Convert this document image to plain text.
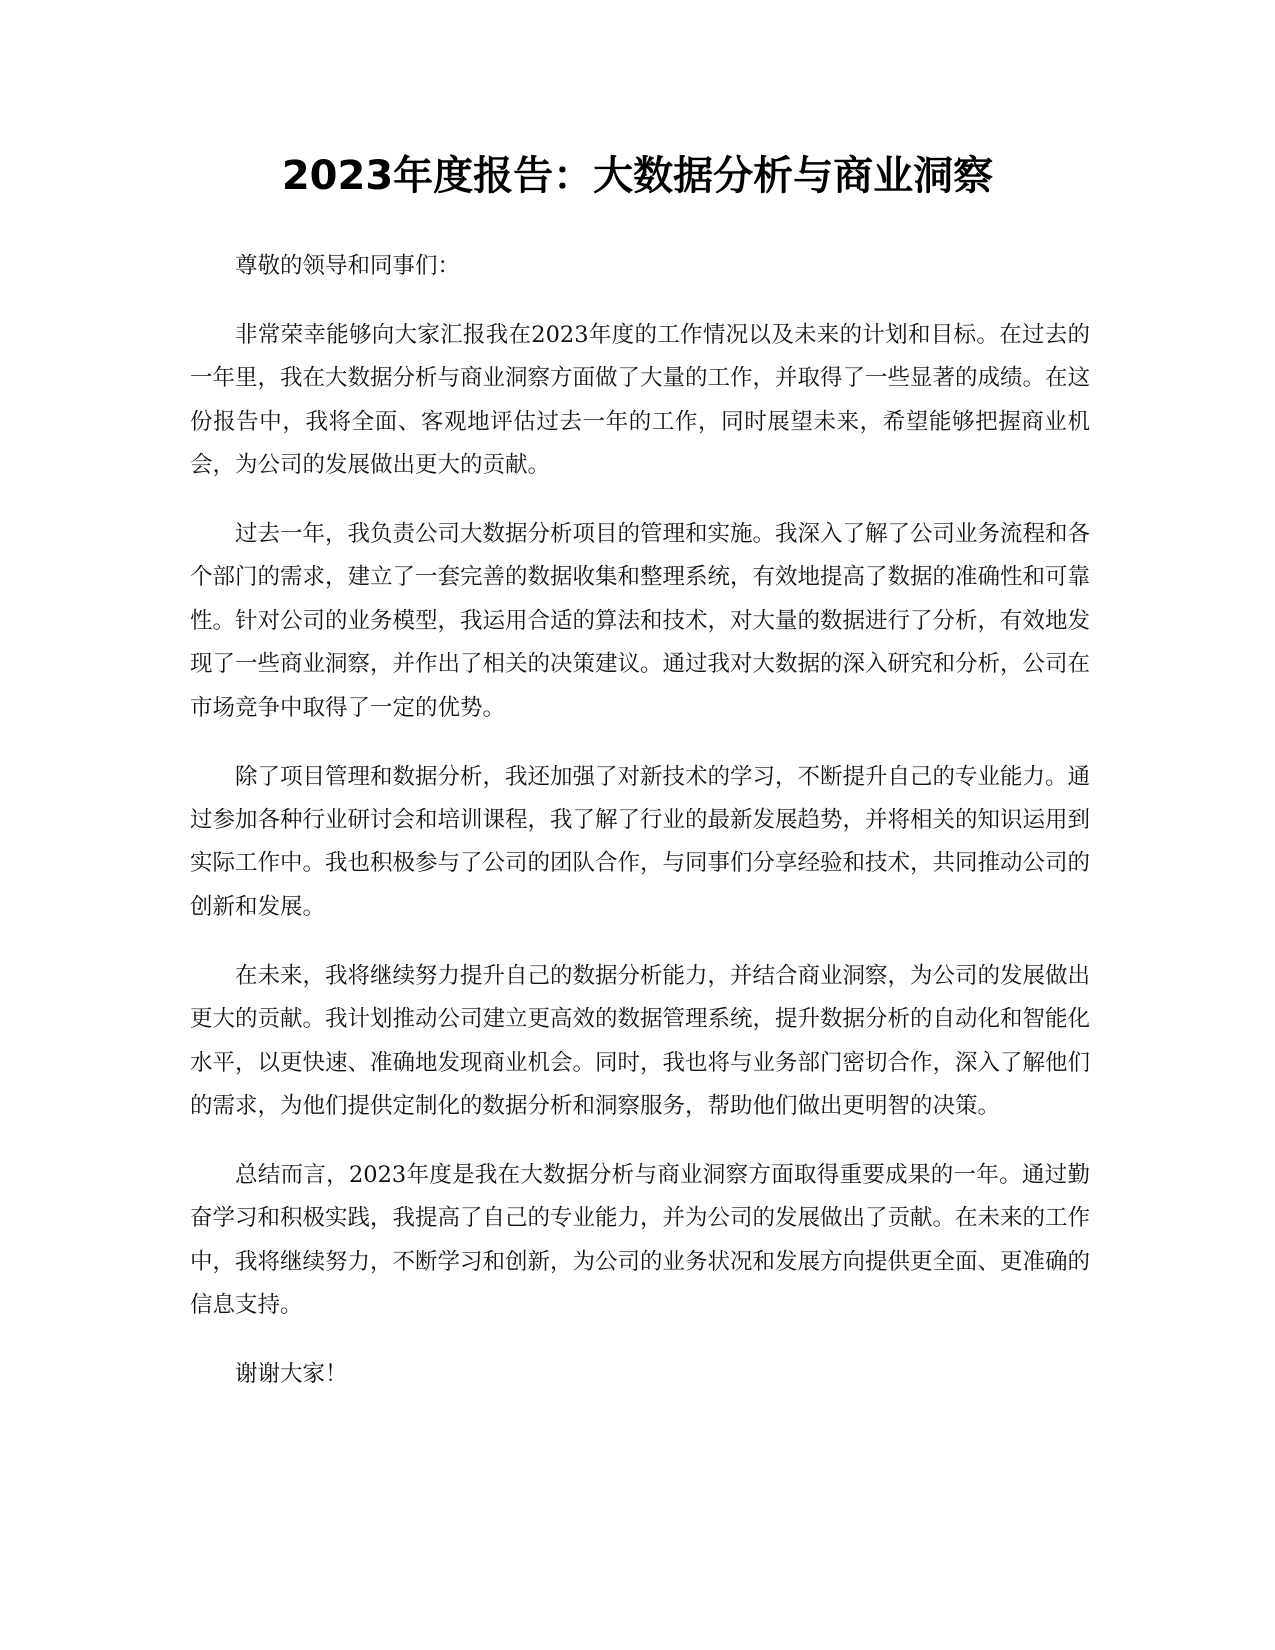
2023年度报告：大数据分析与商业洞察

尊敬的领导和同事们：

非常荣幸能够向大家汇报我在2023年度的工作情况以及未来的计划和目标。在过去的一年里，我在大数据分析与商业洞察方面做了大量的工作，并取得了一些显著的成绩。在这份报告中，我将全面、客观地评估过去一年的工作，同时展望未来，希望能够把握商业机会，为公司的发展做出更大的贡献。

过去一年，我负责公司大数据分析项目的管理和实施。我深入了解了公司业务流程和各个部门的需求，建立了一套完善的数据收集和整理系统，有效地提高了数据的准确性和可靠性。针对公司的业务模型，我运用合适的算法和技术，对大量的数据进行了分析，有效地发现了一些商业洞察，并作出了相关的决策建议。通过我对大数据的深入研究和分析，公司在市场竞争中取得了一定的优势。

除了项目管理和数据分析，我还加强了对新技术的学习，不断提升自己的专业能力。通过参加各种行业研讨会和培训课程，我了解了行业的最新发展趋势，并将相关的知识运用到实际工作中。我也积极参与了公司的团队合作，与同事们分享经验和技术，共同推动公司的创新和发展。

在未来，我将继续努力提升自己的数据分析能力，并结合商业洞察，为公司的发展做出更大的贡献。我计划推动公司建立更高效的数据管理系统，提升数据分析的自动化和智能化水平，以更快速、准确地发现商业机会。同时，我也将与业务部门密切合作，深入了解他们的需求，为他们提供定制化的数据分析和洞察服务，帮助他们做出更明智的决策。

总结而言，2023年度是我在大数据分析与商业洞察方面取得重要成果的一年。通过勤奋学习和积极实践，我提高了自己的专业能力，并为公司的发展做出了贡献。在未来的工作中，我将继续努力，不断学习和创新，为公司的业务状况和发展方向提供更全面、更准确的信息支持。

谢谢大家！
